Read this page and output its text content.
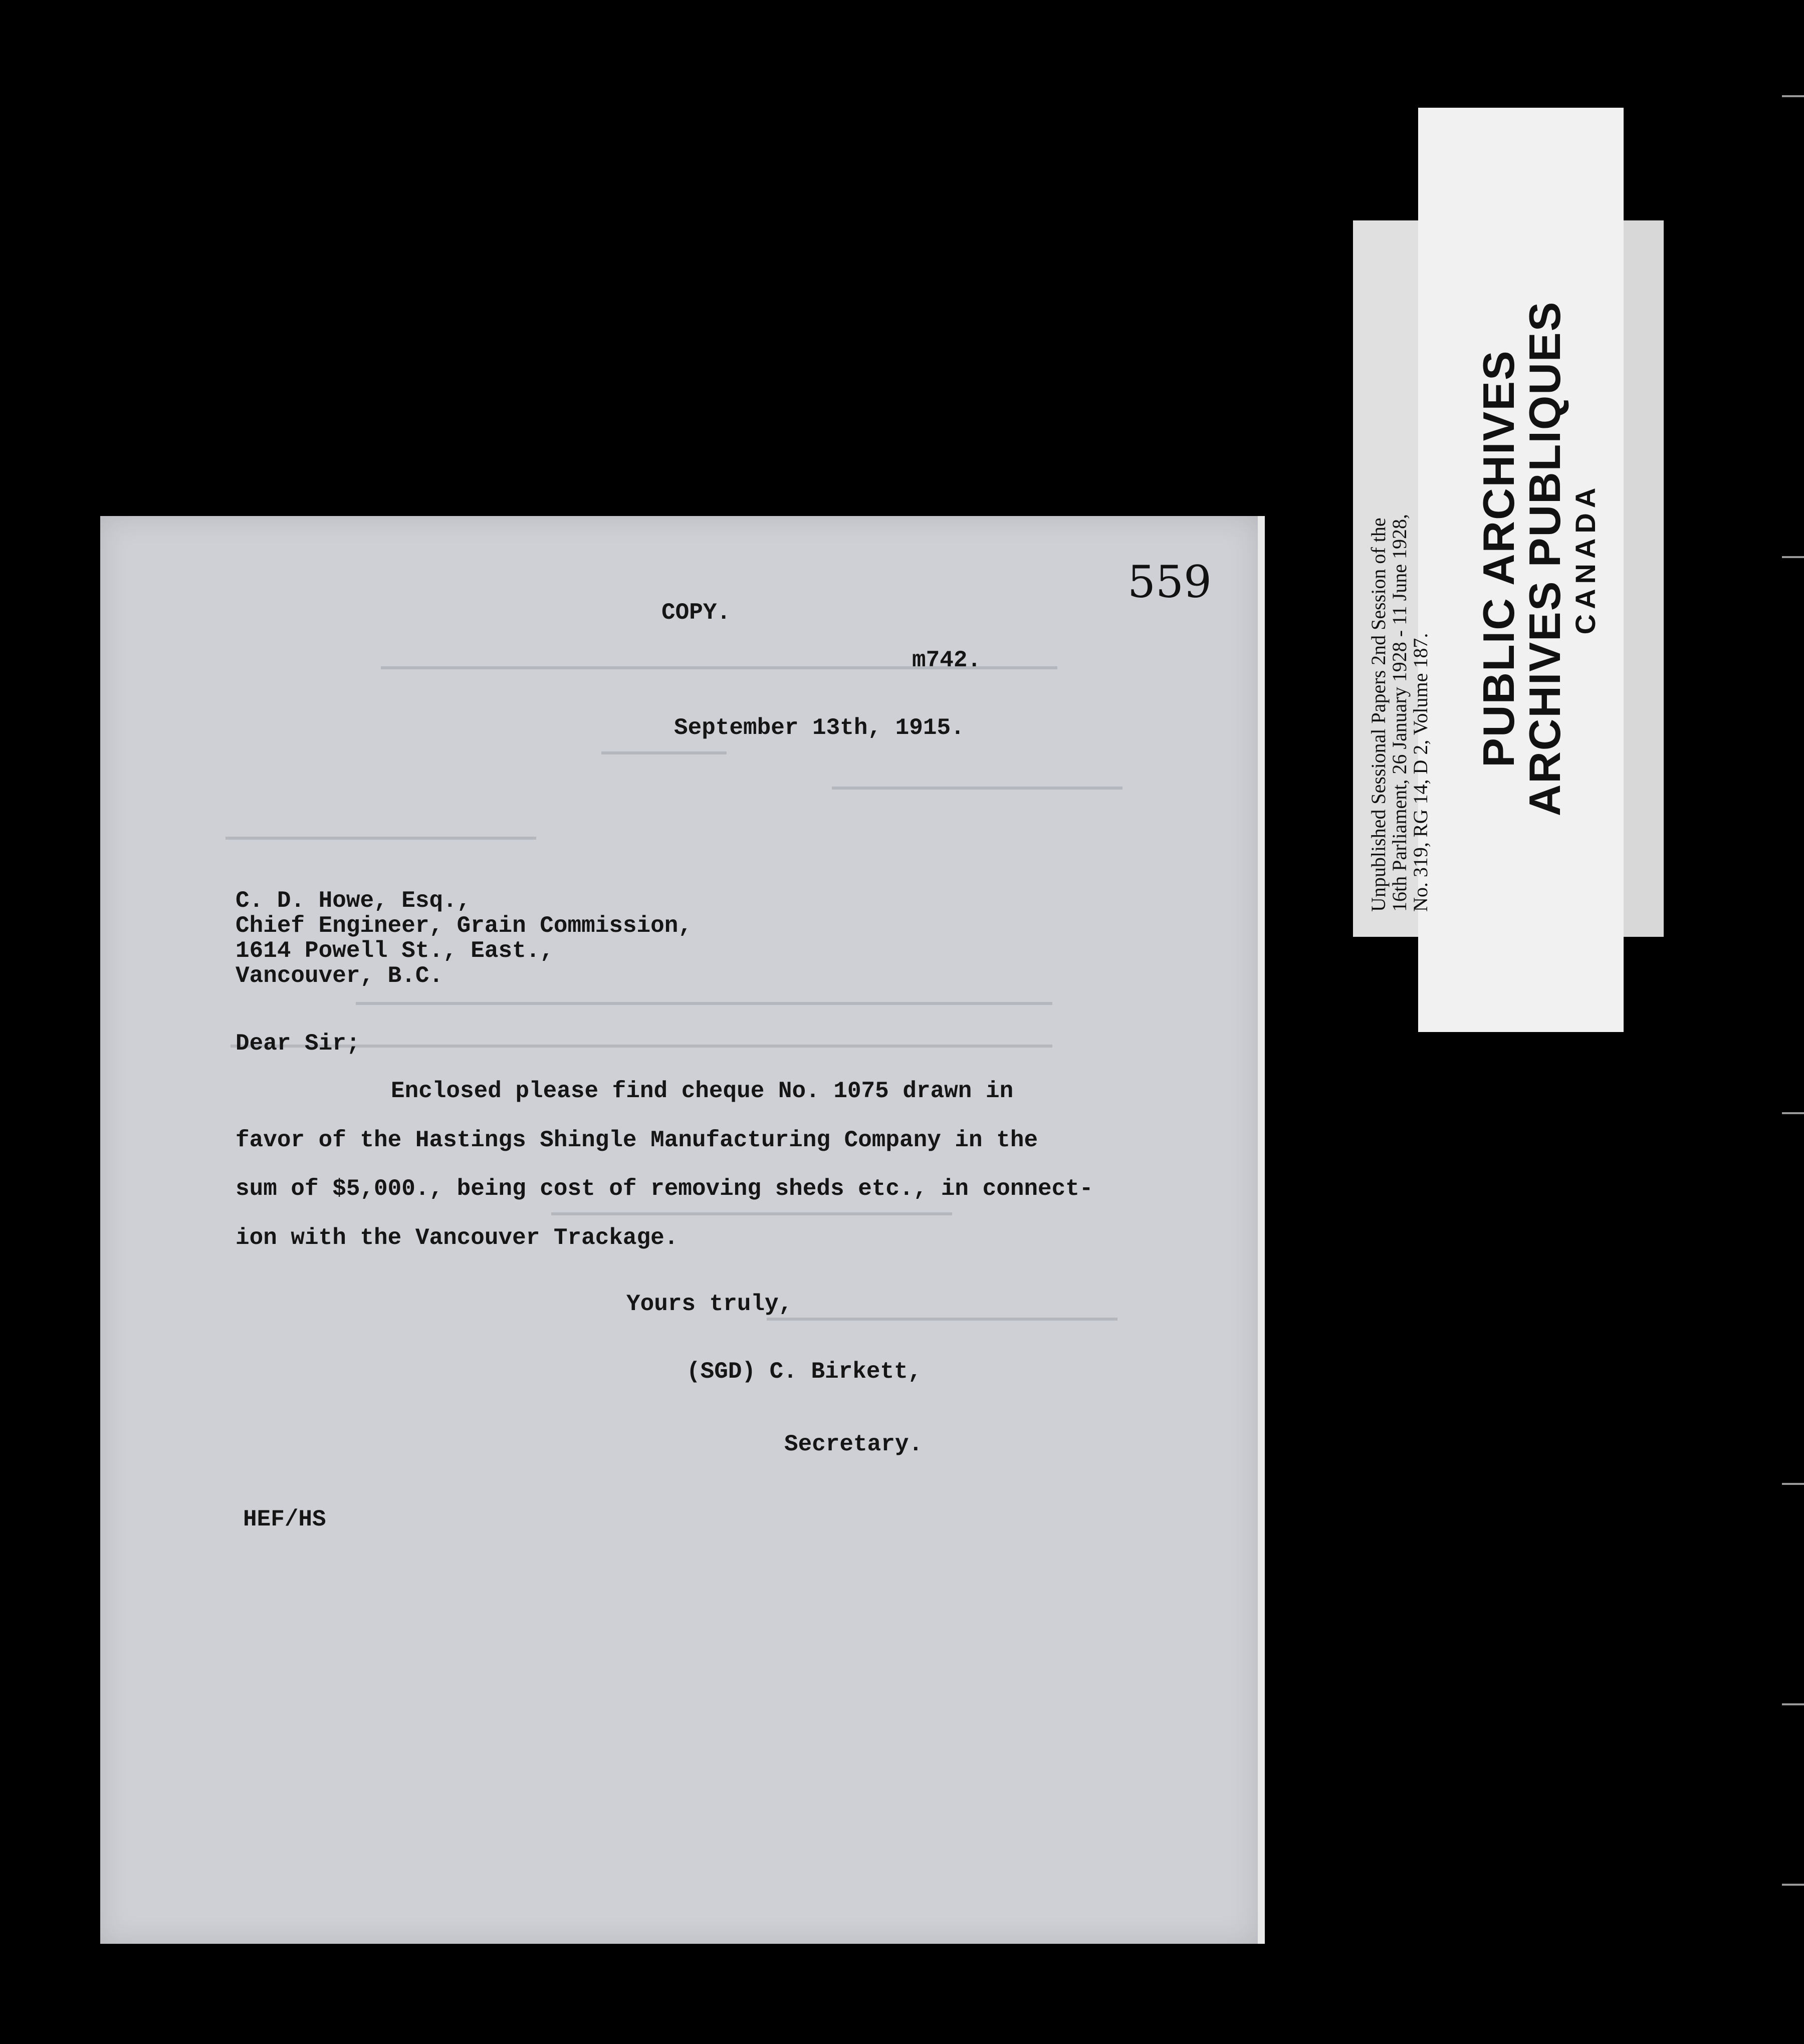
COPY.
m742.
September 13th, 1915.
C. D. Howe, Esq.,
Chief Engineer, Grain Commission,
1614 Powell St., East.,
Vancouver, B.C.
Dear Sir;
Enclosed please find cheque No. 1075 drawn in
favor of the Hastings Shingle Manufacturing Company in the
sum of $5,000., being cost of removing sheds etc., in connect-
ion with the Vancouver Trackage.
Yours truly,
(SGD) C. Birkett,
Secretary.
HEF/HS
559	Unpublished Sessional Papers 2nd Session of the
16th Parliament, 26 January 1928 - 11 June 1928,
No. 319, RG 14, D 2, Volume 187.
PUBLIC ARCHIVES
ARCHIVES PUBLIQUES CANADA
